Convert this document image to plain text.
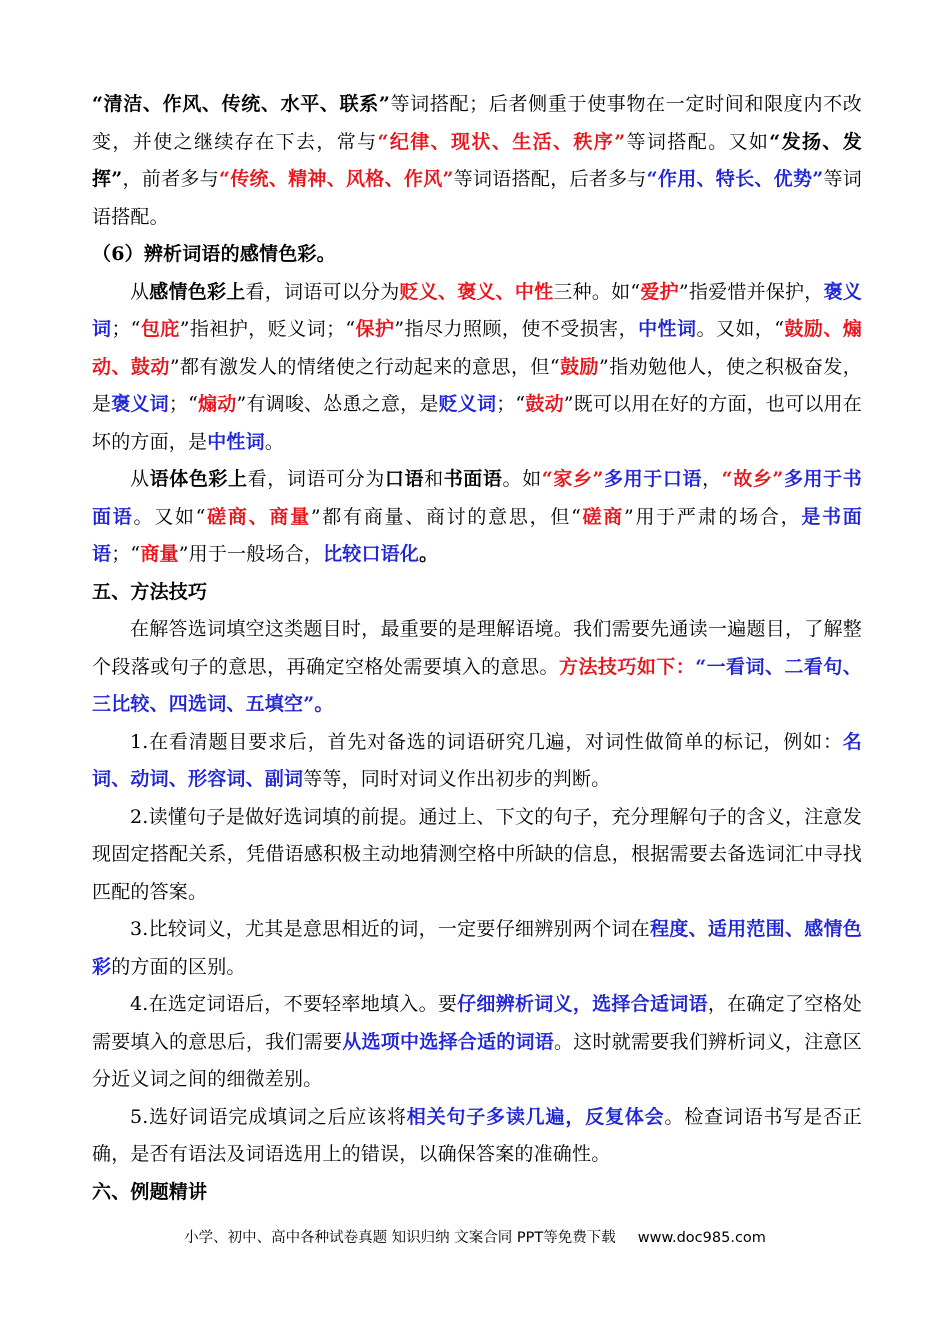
“清洁、作风、传统、水平、联系”等词搭配；后者侧重于使事物在一定时间和限度内不改变，并使之继续存在下去，常与“纪律、现状、生活、秩序”等词搭配。又如“发扬、发挥”，前者多与“传统、精神、风格、作风”等词语搭配，后者多与“作用、特长、优势”等词语搭配。

（6）辨析词语的感情色彩。

从感情色彩上看，词语可以分为贬义、褒义、中性三种。如“爱护”指爱惜并保护，褒义词；“包庇”指袒护，贬义词；“保护”指尽力照顾，使不受损害，中性词。又如，“鼓励、煽动、鼓动”都有激发人的情绪使之行动起来的意思，但“鼓励”指劝勉他人，使之积极奋发，是褒义词；“煽动”有调唆、怂恿之意，是贬义词；“鼓动”既可以用在好的方面，也可以用在坏的方面，是中性词。

从语体色彩上看，词语可分为口语和书面语。如“家乡”多用于口语，“故乡”多用于书面语。又如“磋商、商量”都有商量、商讨的意思，但“磋商”用于严肃的场合，是书面语；“商量”用于一般场合，比较口语化。

五、方法技巧

在解答选词填空这类题目时，最重要的是理解语境。我们需要先通读一遍题目，了解整个段落或句子的意思，再确定空格处需要填入的意思。方法技巧如下：“一看词、二看句、三比较、四选词、五填空”。

1.在看清题目要求后，首先对备选的词语研究几遍，对词性做简单的标记，例如：名词、动词、形容词、副词等等，同时对词义作出初步的判断。

2.读懂句子是做好选词填的前提。通过上、下文的句子，充分理解句子的含义，注意发现固定搭配关系，凭借语感积极主动地猜测空格中所缺的信息，根据需要去备选词汇中寻找匹配的答案。

3.比较词义，尤其是意思相近的词，一定要仔细辨别两个词在程度、适用范围、感情色彩的方面的区别。

4.在选定词语后，不要轻率地填入。要仔细辨析词义，选择合适词语，在确定了空格处需要填入的意思后，我们需要从选项中选择合适的词语。这时就需要我们辨析词义，注意区分近义词之间的细微差别。

5.选好词语完成填词之后应该将相关句子多读几遍，反复体会。检查词语书写是否正确，是否有语法及词语选用上的错误，以确保答案的准确性。

六、例题精讲
小学、初中、高中各种试卷真题 知识归纳 文案合同 PPT等免费下载 www.doc985.com
